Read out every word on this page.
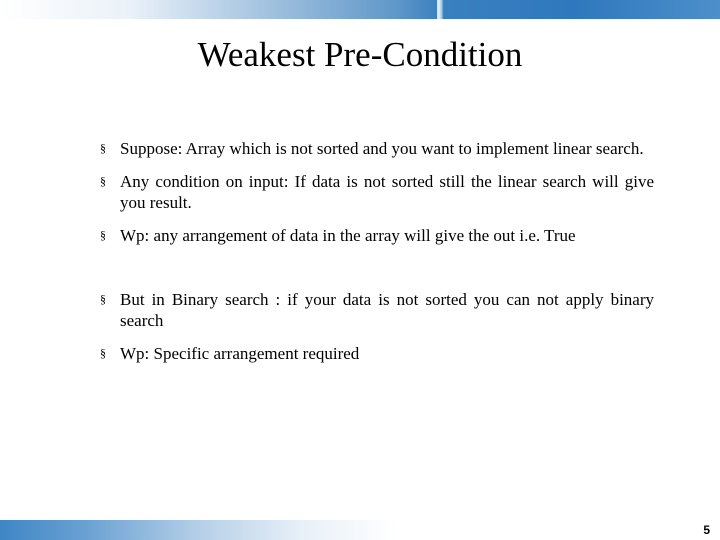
Weakest Pre-Condition
§ Suppose: Array which is not sorted and you want to implement linear search.
§ Any condition on input: If data is not sorted still the linear search will give you result.
§ Wp: any arrangement of data in the array will give the out i.e. True
§ But in Binary search : if your data is not sorted you can not apply binary search
§ Wp: Specific arrangement required
5
